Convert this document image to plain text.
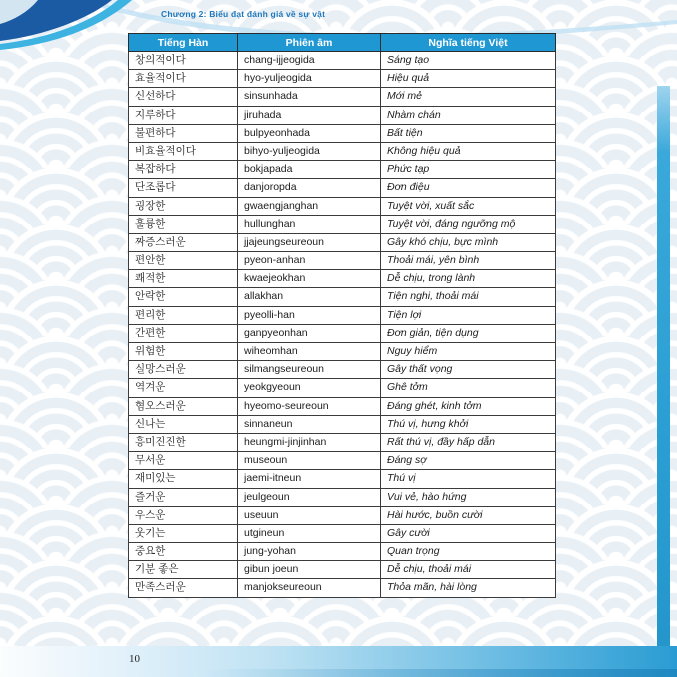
Chương 2: Biểu đạt đánh giá về sự vật
Tiếng Hàn	Phiên âm	Nghĩa tiếng Việt
창의적이다	chang-ijjeogida	Sáng tạo
효율적이다	hyo-yuljeogida	Hiệu quả
신선하다	sinsunhada	Mới mẻ
지루하다	jiruhada	Nhàm chán
불편하다	bulpyeonhada	Bất tiện
비효율적이다	bihyo-yuljeogida	Không hiệu quả
복잡하다	bokjapada	Phức tạp
단조롭다	danjoropda	Đơn điệu
굉장한	gwaengjanghan	Tuyệt vời, xuất sắc
훌륭한	hullunghan	Tuyệt vời, đáng ngưỡng mộ
짜증스러운	jjajeungseureoun	Gây khó chịu, bực mình
편안한	pyeon-anhan	Thoải mái, yên bình
쾌적한	kwaejeokhan	Dễ chịu, trong lành
안락한	allakhan	Tiện nghi, thoải mái
편리한	pyeolli-han	Tiện lợi
간편한	ganpyeonhan	Đơn giản, tiện dụng
위험한	wiheomhan	Nguy hiểm
실망스러운	silmangseureoun	Gây thất vọng
역겨운	yeokgyeoun	Ghê tởm
혐오스러운	hyeomo-seureoun	Đáng ghét, kinh tởm
신나는	sinnaneun	Thú vị, hưng khởi
흥미진진한	heungmi-jinjinhan	Rất thú vị, đầy hấp dẫn
무서운	museoun	Đáng sợ
재미있는	jaemi-itneun	Thú vị
즐거운	jeulgeoun	Vui vẻ, hào hứng
우스운	useuun	Hài hước, buồn cười
웃기는	utgineun	Gây cười
중요한	jung-yohan	Quan trọng
기분 좋은	gibun joeun	Dễ chịu, thoải mái
만족스러운	manjokseureoun	Thỏa mãn, hài lòng
10
